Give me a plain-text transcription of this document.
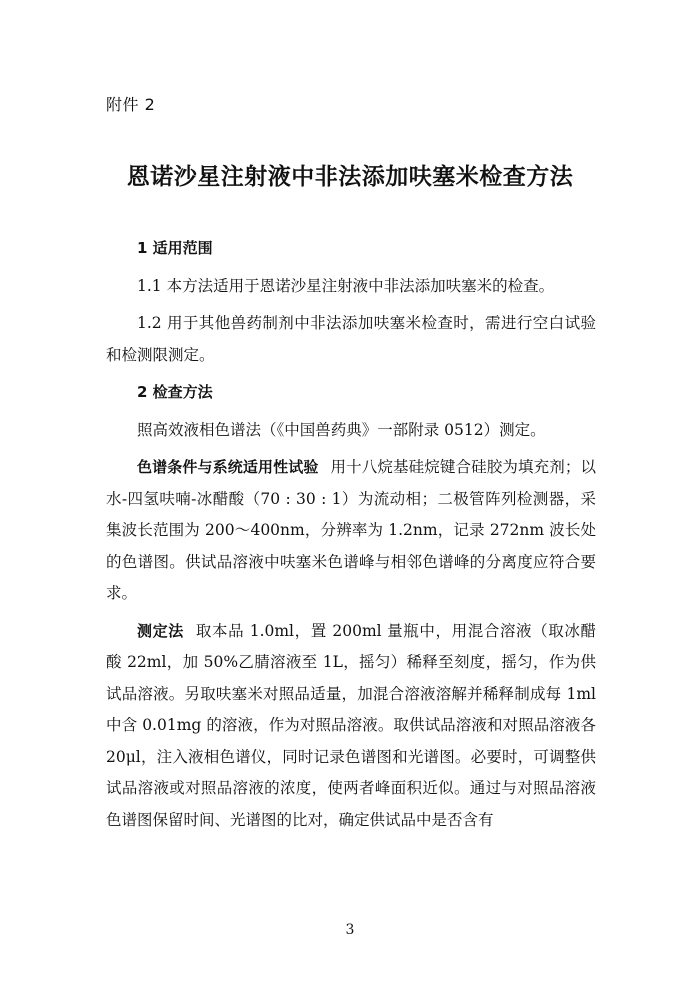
附件 2
恩诺沙星注射液中非法添加呋塞米检查方法

1 适用范围

1.1 本方法适用于恩诺沙星注射液中非法添加呋塞米的检查。

1.2 用于其他兽药制剂中非法添加呋塞米检查时，需进行空白试验和检测限测定。

2 检查方法

照高效液相色谱法（《中国兽药典》一部附录 0512）测定。

色谱条件与系统适用性试验 用十八烷基硅烷键合硅胶为填充剂；以水-四氢呋喃-冰醋酸（70 : 30 : 1）为流动相；二极管阵列检测器，采集波长范围为 200～400nm，分辨率为 1.2nm，记录 272nm 波长处的色谱图。供试品溶液中呋塞米色谱峰与相邻色谱峰的分离度应符合要求。

测定法 取本品 1.0ml，置 200ml 量瓶中，用混合溶液（取冰醋酸 22ml，加 50%乙腈溶液至 1L，摇匀）稀释至刻度，摇匀，作为供试品溶液。另取呋塞米对照品适量，加混合溶液溶解并稀释制成每 1ml 中含 0.01mg 的溶液，作为对照品溶液。取供试品溶液和对照品溶液各 20μl，注入液相色谱仪，同时记录色谱图和光谱图。必要时，可调整供试品溶液或对照品溶液的浓度，使两者峰面积近似。通过与对照品溶液色谱图保留时间、光谱图的比对，确定供试品中是否含有

3
